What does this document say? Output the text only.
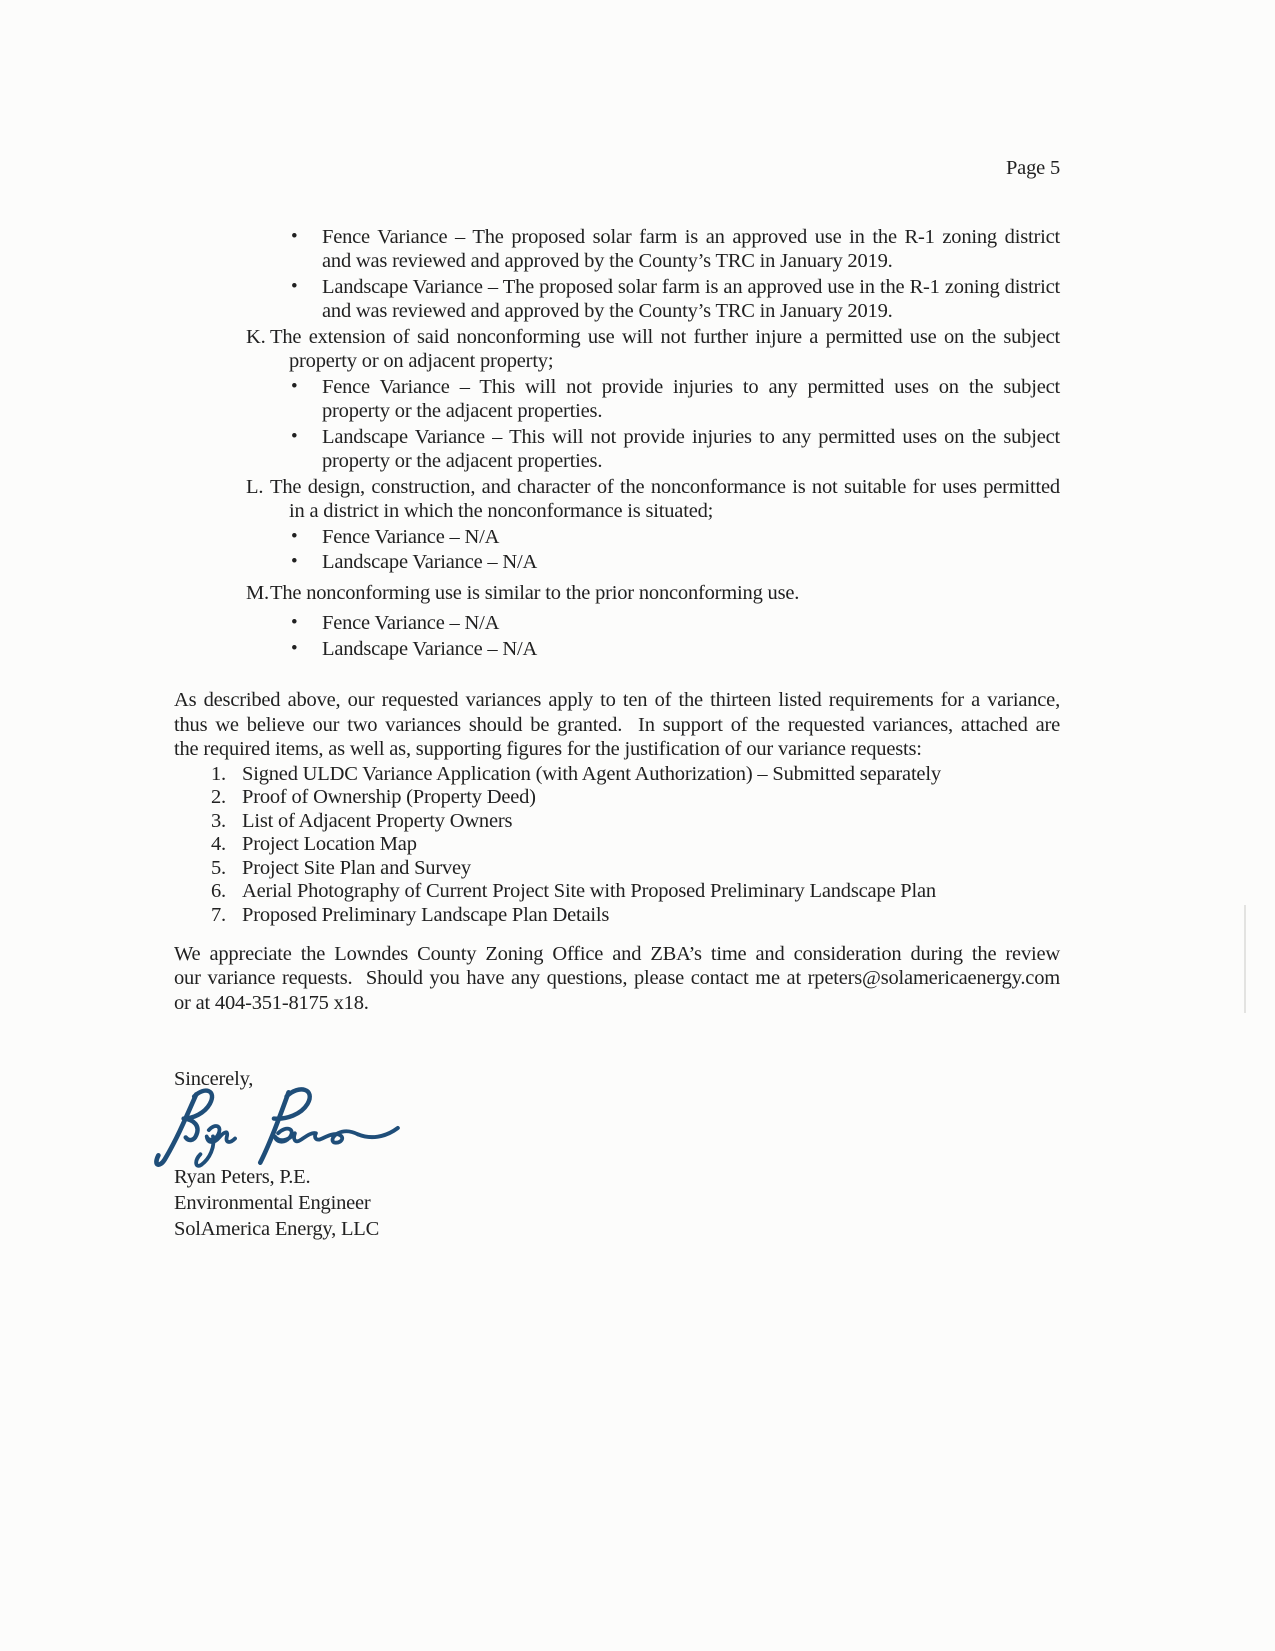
Page 5
• Fence Variance – The proposed solar farm is an approved use in the R-1 zoning district
and was reviewed and approved by the County’s TRC in January 2019.
• Landscape Variance – The proposed solar farm is an approved use in the R-1 zoning district
and was reviewed and approved by the County’s TRC in January 2019.
K. The extension of said nonconforming use will not further injure a permitted use on the subject
property or on adjacent property;
• Fence Variance – This will not provide injuries to any permitted uses on the subject
property or the adjacent properties.
• Landscape Variance – This will not provide injuries to any permitted uses on the subject
property or the adjacent properties.
L. The design, construction, and character of the nonconformance is not suitable for uses permitted
in a district in which the nonconformance is situated;
• Fence Variance – N/A
• Landscape Variance – N/A
M. The nonconforming use is similar to the prior nonconforming use.
• Fence Variance – N/A
• Landscape Variance – N/A
As described above, our requested variances apply to ten of the thirteen listed requirements for a variance,
thus we believe our two variances should be granted.  In support of the requested variances, attached are
the required items, as well as, supporting figures for the justification of our variance requests:
1. Signed ULDC Variance Application (with Agent Authorization) – Submitted separately
2. Proof of Ownership (Property Deed)
3. List of Adjacent Property Owners
4. Project Location Map
5. Project Site Plan and Survey
6. Aerial Photography of Current Project Site with Proposed Preliminary Landscape Plan
7. Proposed Preliminary Landscape Plan Details
We appreciate the Lowndes County Zoning Office and ZBA’s time and consideration during the review
our variance requests.  Should you have any questions, please contact me at rpeters@solamericaenergy.com
or at 404-351-8175 x18.
Sincerely,
Ryan Peters, P.E.
Environmental Engineer
SolAmerica Energy, LLC
